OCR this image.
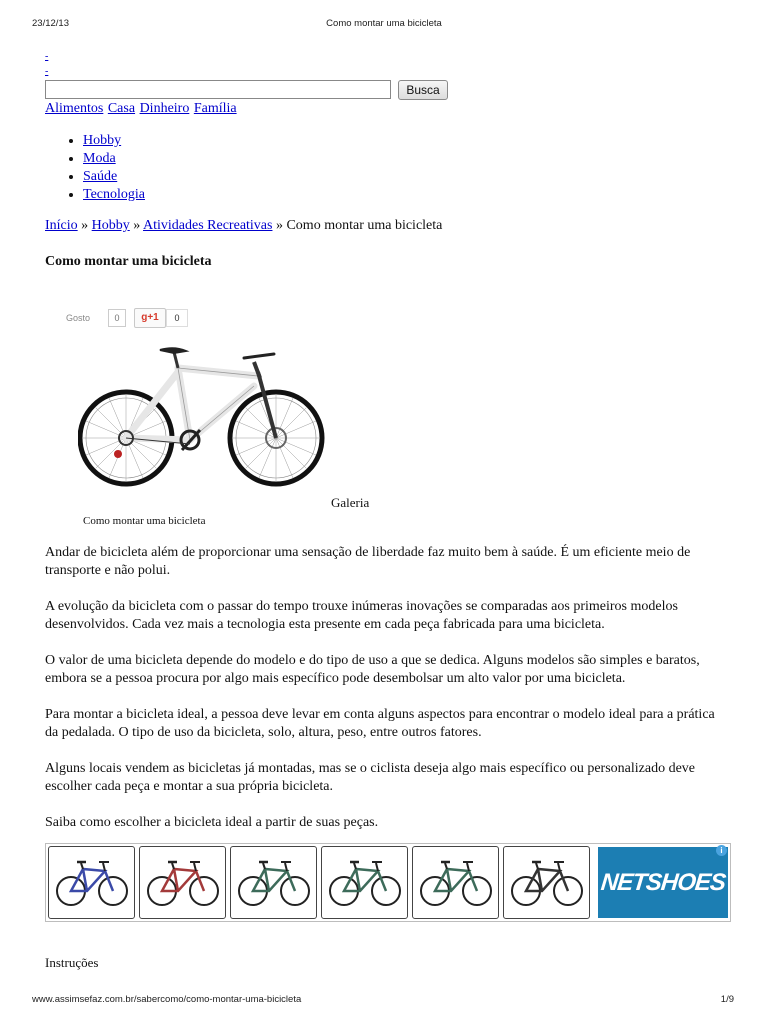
23/12/13	Como montar uma bicicleta
-
-
Busca
Alimentos Casa Dinheiro Família
• Hobby
• Moda
• Saúde
• Tecnologia
Início » Hobby » Atividades Recreativas » Como montar uma bicicleta
Como montar uma bicicleta
Gosto	0	g+1	0
Galeria
Como montar uma bicicleta

Andar de bicicleta além de proporcionar uma sensação de liberdade faz muito bem à saúde. É um eficiente meio de transporte e não polui.

A evolução da bicicleta com o passar do tempo trouxe inúmeras inovações se comparadas aos primeiros modelos desenvolvidos. Cada vez mais a tecnologia esta presente em cada peça fabricada para uma bicicleta.

O valor de uma bicicleta depende do modelo e do tipo de uso a que se dedica. Alguns modelos são simples e baratos, embora se a pessoa procura por algo mais específico pode desembolsar um alto valor por uma bicicleta.

Para montar a bicicleta ideal, a pessoa deve levar em conta alguns aspectos para encontrar o modelo ideal para a prática da pedalada. O tipo de uso da bicicleta, solo, altura, peso, entre outros fatores.

Alguns locais vendem as bicicletas já montadas, mas se o ciclista deseja algo mais específico ou personalizado deve escolher cada peça e montar a sua própria bicicleta.

Saiba como escolher a bicicleta ideal a partir de suas peças.

NETSHOES
i
Instruções
www.assimsefaz.com.br/sabercomo/como-montar-uma-bicicleta	1/9
